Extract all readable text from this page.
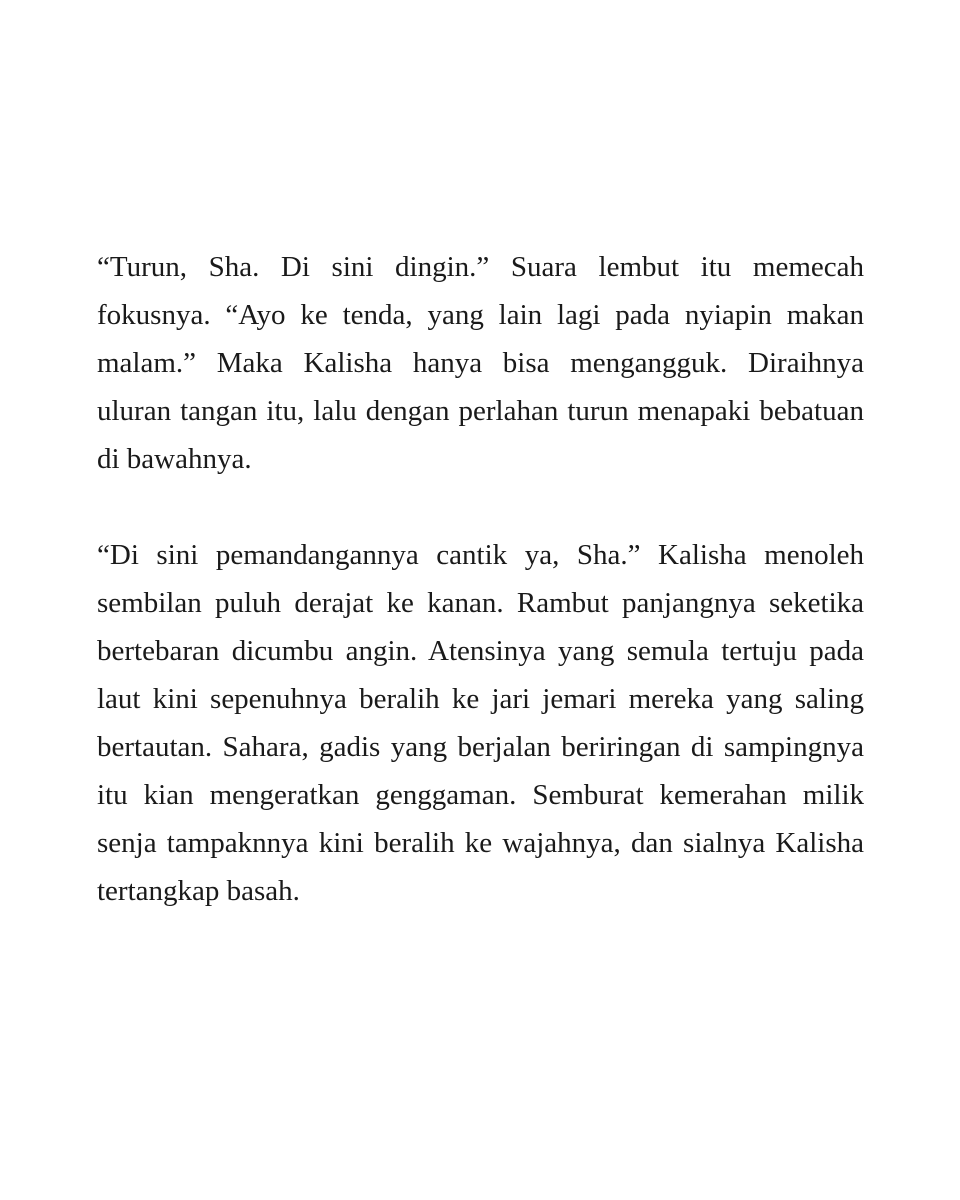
“Turun, Sha. Di sini dingin.” Suara lembut itu memecah fokusnya. “Ayo ke tenda, yang lain lagi pada nyiapin makan malam.” Maka Kalisha hanya bisa mengangguk. Diraihnya uluran tangan itu, lalu dengan perlahan turun menapaki bebatuan di bawahnya.

“Di sini pemandangannya cantik ya, Sha.” Kalisha menoleh sembilan puluh derajat ke kanan. Rambut panjangnya seketika bertebaran dicumbu angin. Atensinya yang semula tertuju pada laut kini sepenuhnya beralih ke jari jemari mereka yang saling bertautan. Sahara, gadis yang berjalan beriringan di sampingnya itu kian mengeratkan genggaman. Semburat kemerahan milik senja tampaknnya kini beralih ke wajahnya, dan sialnya Kalisha tertangkap basah.
